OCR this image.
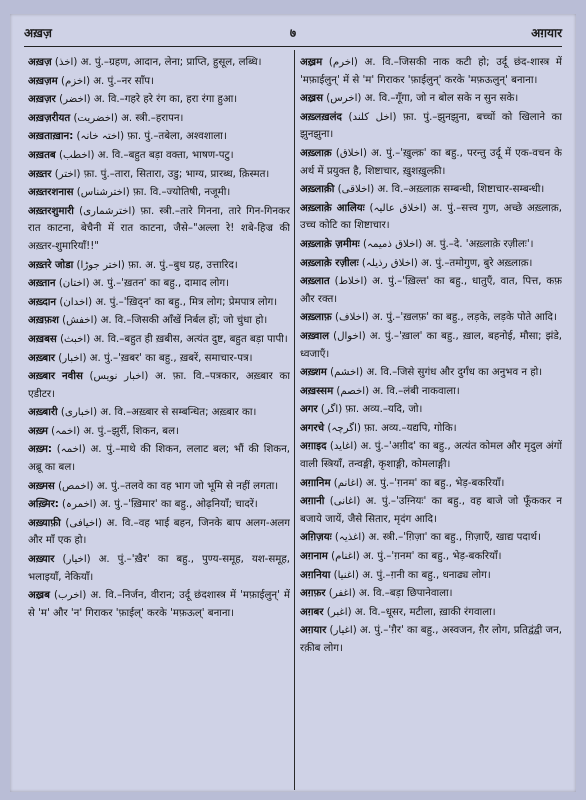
अख़ज़	७	अग़यार
अख़ज़ (اخذ) अ. पुं.–ग्रहण, आदान, लेना; प्राप्ति, हुसूल, लब्धि।
अख़ज़म (اخزم) अ. पुं.–नर साँप।
अख़ज़र (اخضر) अ. वि.–गहरे हरे रंग का, हरा रंगा हुआ।
अख़ज़रीयत (اخضریت) अ. स्त्री.–हरापन।
अख़ताख़ान: (اختہ خانہ) फ़ा. पुं.–तबेला, अश्वशाला।
अख़तब (اخطب) अ. वि.–बहुत बड़ा वक्ता, भाषण-पटु।
अख़्तर (اختر) फ़ा. पुं.–तारा, सितारा, उडु; भाग्य, प्रारब्ध, क़िस्मत।
अख़्तरशनास (اخترشناس) फ़ा. वि.–ज्योतिषी, नजूमी।
अख़्तरशुमारी (اخترشماری) फ़ा. स्त्री.–तारे गिनना, तारे गिन-गिनकर रात काटना, बेचैनी में रात काटना, जैसे–"अल्ला रे! शबे-हिज्र की अख़्तर-शुमारियाँ!!"
अख़्तरे जोडा (اختر جوڑا) फ़ा. अ. पुं.–बुध ग्रह, उत्तारिद।
अख़्तान (اختان) अ. पुं.–'ख़तन' का बहु., दामाद लोग।
अख़्दान (اخدان) अ. पुं.–'ख़िद्न' का बहु., मित्र लोग; प्रेमपात्र लोग।
अख़फ़श (اخفش) अ. वि.–जिसकी आँखें निर्बल हों; जो चुंधा हो।
अख़बस (اخبث) अ. वि.–बहुत ही ख़बीस, अत्यंत दुष्ट, बहुत बड़ा पापी।
अख़्बार (اخبار) अ. पुं.–'ख़बर' का बहु., ख़बरें, समाचार-पत्र।
अख़्बार नवीस (اخبار نویس) अ. फ़ा. वि.–पत्रकार, अख़्बार का एडीटर।
अख़्बारी (اخباری) अ. वि.–अख़्बार से सम्बन्धित; अख़्बार का।
अख़्म (اخمہ) अ. पुं.–झुर्री, शिकन, बल।
अख़्म: (اخمہ) अ. पुं.–माथे की शिकन, ललाट बल; भौं की शिकन, अब्रू का बल।
अख़्मस (اخمص) अ. पुं.–तलवे का वह भाग जो भूमि से नहीं लगता।
अख़्मिर: (اخمرہ) अ. पुं.–'ख़िमार' का बहु., ओढ़नियाँ; चादरें।
अख़्याफ़ी (اخیافی) अ. वि.–वह भाई बहन, जिनके बाप अलग-अलग और माँ एक हो।
अख़्यार (اخیار) अ. पुं.–'ख़ैर' का बहु., पुण्य-समूह, यश-समूह, भलाइयाँ, नेकियाँ।
अख़्रब (اخرب) अ. वि.–निर्जन, वीरान; उर्दू छंदशास्त्र में 'मफ़ाईलुन्' में से 'म' और 'न' गिराकर 'फ़ाईल्' करके 'मफ़ऊल्' बनाना।
अख़्रम (اخرم) अ. वि.–जिसकी नाक कटी हो; उर्दू छंद-शास्त्र में 'मफ़ाईलुन्' में से 'म' गिराकर 'फ़ाईलुन्' करके 'मफ़ऊलुन्' बनाना।
अख़्रस (اخرس) अ. वि.–गूँगा, जो न बोल सके न सुन सके।
अख़्लख़लंद (اخل کلند) फ़ा. पुं.–झुनझुना, बच्चों को खिलाने का झुनझुना।
अख़्लाक़ (اخلاق) अ. पुं.–'ख़ुल्क़' का बहु., परन्तु उर्दू में एक-वचन के अर्थ में प्रयुक्त है, शिष्टाचार, ख़ुशख़ुल्क़ी।
अख़्लाक़ी (اخلاقی) अ. वि.–अख़्लाक़ सम्बन्धी, शिष्टाचार-सम्बन्धी।
अख़्लाक़े आलियः (اخلاق عالیہ) अ. पुं.–सत्त्व गुण, अच्छे अख़्लाक़, उच्च कोटि का शिष्टाचार।
अख़्लाक़े ज़मीमः (اخلاق ذمیمہ) अ. पुं.–दे. 'अख़्लाक़े रज़ीलः'।
अख़्लाक़े रज़ीलः (اخلاق رذیلہ) अ. पुं.–तमोगुण, बुरे अख़्लाक़।
अख़्लात (اخلاط) अ. पुं.–'ख़िल्त' का बहु., धातुएँ, वात, पित्त, कफ़ और रक्त।
अख़्लाफ़ (اخلاف) अ. पुं.–'ख़लफ़' का बहु., लड़के, लड़के पोते आदि।
अख़्वाल (اخوال) अ. पुं.–'ख़ाल' का बहु., ख़ाल, बहनोई, मौसा; झंडे, ध्वजाएँ।
अख़्शम (اخشم) अ. वि.–जिसे सुगंध और दुर्गंध का अनुभव न हो।
अख़स्सम (اخصم) अ. वि.–लंबी नाकवाला।
अगर (اگر) फ़ा. अव्य.–यदि, जो।
अगरचे (اگرچہ) फ़ा. अव्य.–यद्यपि, गोकि।
अग़ाइद (اغاید) अ. पुं.–'अग़ीद' का बहु., अत्यंत कोमल और मृदुल अंगों वाली स्त्रियाँ, तन्वङ्गी, कृशाङ्गी, कोमलाङ्गी।
अग़ानिम (اغانم) अ. पुं.–'ग़नम' का बहु., भेड़-बकरियाँ।
अग़ानी (اغانی) अ. पुं.–'उग़्नियः' का बहु., वह बाजे जो फूँककर न बजाये जायें, जैसे सितार, मृदंग आदि।
अग़िज़यः (اغذیہ) अ. स्त्री.–'ग़िज़ा' का बहु., ग़िज़ाएँ, खाद्य पदार्थ।
अग़नाम (اغنام) अ. पुं.–'ग़नम' का बहु., भेड़-बकरियाँ।
अग़निया (اغنیا) अ. पुं.–ग़नी का बहु., धनाढ्य लोग।
अग़फ़र (اغفر) अ. वि.–बड़ा छिपानेवाला।
अग़बर (اغبر) अ. वि.–धूसर, मटीला, ख़ाकी रंगवाला।
अग़यार (اغیار) अ. पुं.–'ग़ैर' का बहु., अस्वजन, ग़ैर लोग, प्रतिद्वंद्वी जन, रक़ीब लोग।
